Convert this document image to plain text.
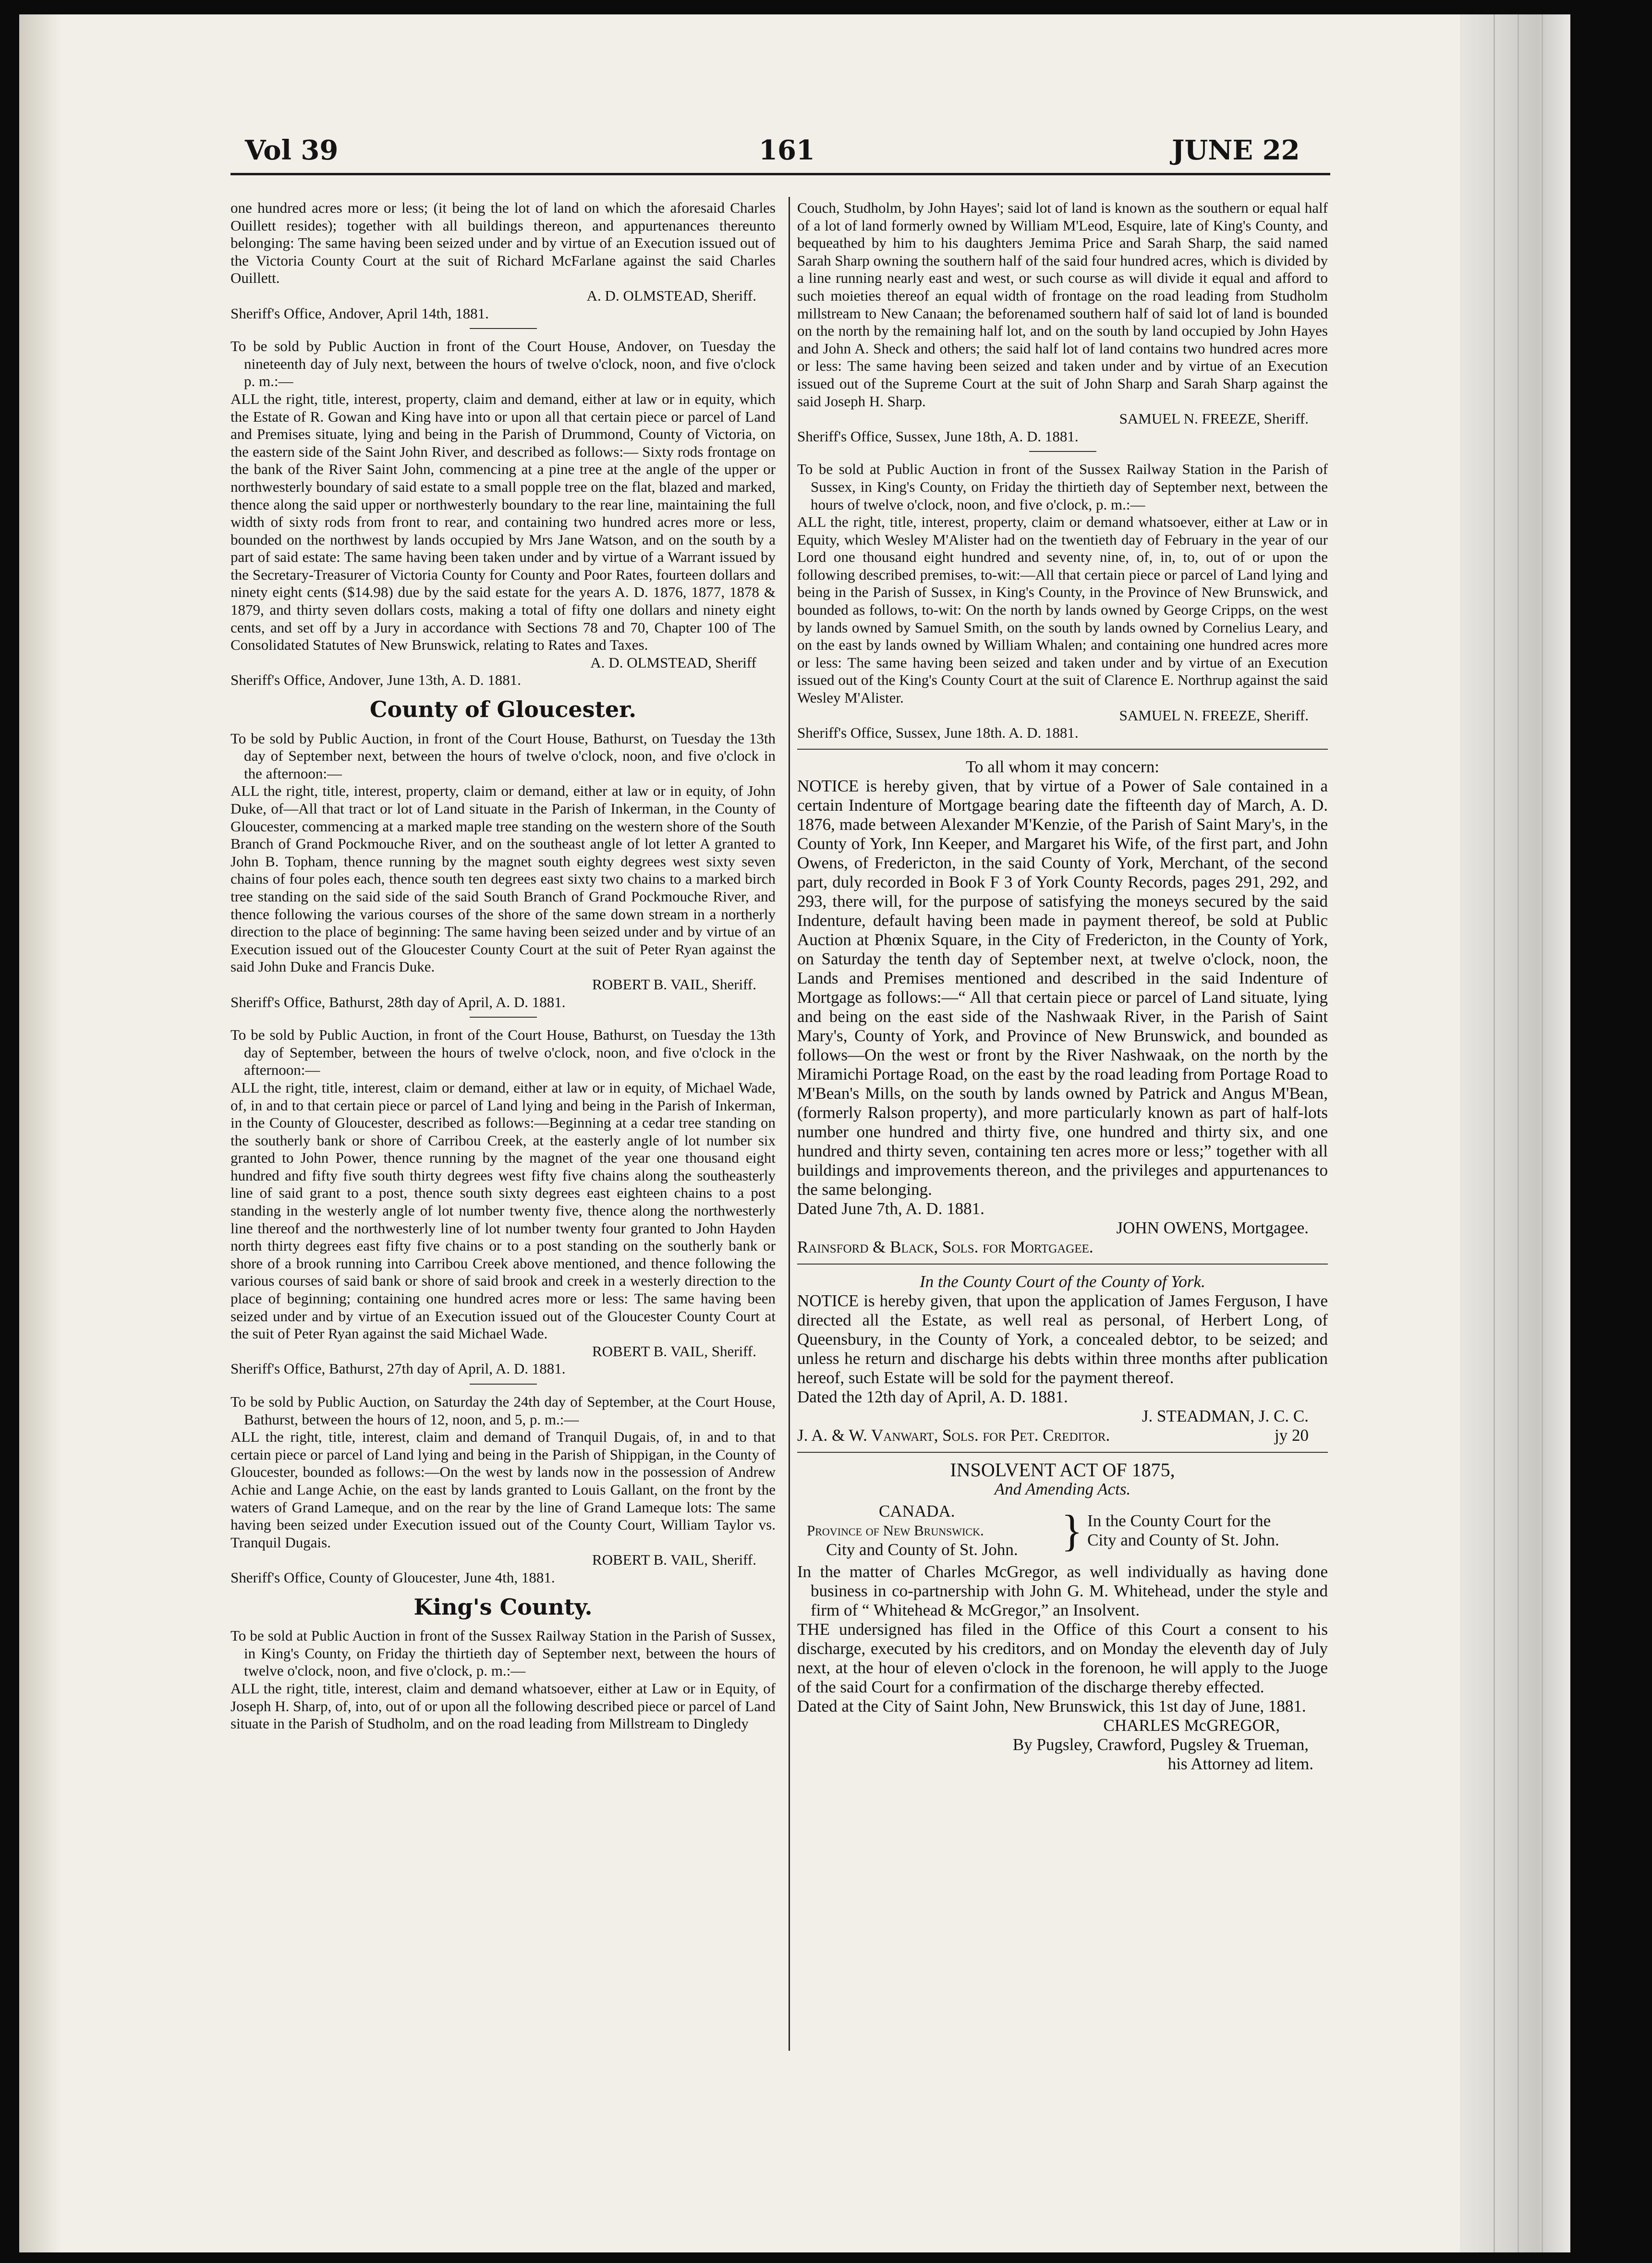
Vol 39	161	JUNE 22

one hundred acres more or less; (it being the lot of land on which the aforesaid Charles Ouillett resides); together with all buildings thereon, and appurtenances thereunto belonging: The same having been seized under and by virtue of an Execution issued out of the Victoria County Court at the suit of Richard McFarlane against the said Charles Ouillett.

A. D. OLMSTEAD, Sheriff.

Sheriff's Office, Andover, April 14th, 1881.

To be sold by Public Auction in front of the Court House, Andover, on Tuesday the nineteenth day of July next, between the hours of twelve o'clock, noon, and five o'clock p. m.:—

ALL the right, title, interest, property, claim and demand, either at law or in equity, which the Estate of R. Gowan and King have into or upon all that certain piece or parcel of Land and Premises situate, lying and being in the Parish of Drummond, County of Victoria, on the eastern side of the Saint John River, and described as follows:— Sixty rods frontage on the bank of the River Saint John, commencing at a pine tree at the angle of the upper or northwesterly boundary of said estate to a small popple tree on the flat, blazed and marked, thence along the said upper or northwesterly boundary to the rear line, maintaining the full width of sixty rods from front to rear, and containing two hundred acres more or less, bounded on the northwest by lands occupied by Mrs Jane Watson, and on the south by a part of said estate: The same having been taken under and by virtue of a Warrant issued by the Secretary-Treasurer of Victoria County for County and Poor Rates, fourteen dollars and ninety eight cents ($14.98) due by the said estate for the years A. D. 1876, 1877, 1878 & 1879, and thirty seven dollars costs, making a total of fifty one dollars and ninety eight cents, and set off by a Jury in accordance with Sections 78 and 70, Chapter 100 of The Consolidated Statutes of New Brunswick, relating to Rates and Taxes.

A. D. OLMSTEAD, Sheriff

Sheriff's Office, Andover, June 13th, A. D. 1881.

County of Gloucester.

To be sold by Public Auction, in front of the Court House, Bathurst, on Tuesday the 13th day of September next, between the hours of twelve o'clock, noon, and five o'clock in the afternoon:—

ALL the right, title, interest, property, claim or demand, either at law or in equity, of John Duke, of—All that tract or lot of Land situate in the Parish of Inkerman, in the County of Gloucester, commencing at a marked maple tree standing on the western shore of the South Branch of Grand Pockmouche River, and on the southeast angle of lot letter A granted to John B. Topham, thence running by the magnet south eighty degrees west sixty seven chains of four poles each, thence south ten degrees east sixty two chains to a marked birch tree standing on the said side of the said South Branch of Grand Pockmouche River, and thence following the various courses of the shore of the same down stream in a northerly direction to the place of beginning: The same having been seized under and by virtue of an Execution issued out of the Gloucester County Court at the suit of Peter Ryan against the said John Duke and Francis Duke.

ROBERT B. VAIL, Sheriff.

Sheriff's Office, Bathurst, 28th day of April, A. D. 1881.

To be sold by Public Auction, in front of the Court House, Bathurst, on Tuesday the 13th day of September, between the hours of twelve o'clock, noon, and five o'clock in the afternoon:—

ALL the right, title, interest, claim or demand, either at law or in equity, of Michael Wade, of, in and to that certain piece or parcel of Land lying and being in the Parish of Inkerman, in the County of Gloucester, described as follows:—Beginning at a cedar tree standing on the southerly bank or shore of Carribou Creek, at the easterly angle of lot number six granted to John Power, thence running by the magnet of the year one thousand eight hundred and fifty five south thirty degrees west fifty five chains along the southeasterly line of said grant to a post, thence south sixty degrees east eighteen chains to a post standing in the westerly angle of lot number twenty five, thence along the northwesterly line thereof and the northwesterly line of lot number twenty four granted to John Hayden north thirty degrees east fifty five chains or to a post standing on the southerly bank or shore of a brook running into Carribou Creek above mentioned, and thence following the various courses of said bank or shore of said brook and creek in a westerly direction to the place of beginning; containing one hundred acres more or less: The same having been seized under and by virtue of an Execution issued out of the Gloucester County Court at the suit of Peter Ryan against the said Michael Wade.

ROBERT B. VAIL, Sheriff.

Sheriff's Office, Bathurst, 27th day of April, A. D. 1881.

To be sold by Public Auction, on Saturday the 24th day of September, at the Court House, Bathurst, between the hours of 12, noon, and 5, p. m.:—

ALL the right, title, interest, claim and demand of Tranquil Dugais, of, in and to that certain piece or parcel of Land lying and being in the Parish of Shippigan, in the County of Gloucester, bounded as follows:—On the west by lands now in the possession of Andrew Achie and Lange Achie, on the east by lands granted to Louis Gallant, on the front by the waters of Grand Lameque, and on the rear by the line of Grand Lameque lots: The same having been seized under Execution issued out of the County Court, William Taylor vs. Tranquil Dugais.

ROBERT B. VAIL, Sheriff.

Sheriff's Office, County of Gloucester, June 4th, 1881.

King's County.

To be sold at Public Auction in front of the Sussex Railway Station in the Parish of Sussex, in King's County, on Friday the thirtieth day of September next, between the hours of twelve o'clock, noon, and five o'clock, p. m.:—

ALL the right, title, interest, claim and demand whatsoever, either at Law or in Equity, of Joseph H. Sharp, of, into, out of or upon all the following described piece or parcel of Land situate in the Parish of Studholm, and on the road leading from Millstream to Dingledy

Couch, Studholm, by John Hayes'; said lot of land is known as the southern or equal half of a lot of land formerly owned by William M'Leod, Esquire, late of King's County, and bequeathed by him to his daughters Jemima Price and Sarah Sharp, the said named Sarah Sharp owning the southern half of the said four hundred acres, which is divided by a line running nearly east and west, or such course as will divide it equal and afford to such moieties thereof an equal width of frontage on the road leading from Studholm millstream to New Canaan; the beforenamed southern half of said lot of land is bounded on the north by the remaining half lot, and on the south by land occupied by John Hayes and John A. Sheck and others; the said half lot of land contains two hundred acres more or less: The same having been seized and taken under and by virtue of an Execution issued out of the Supreme Court at the suit of John Sharp and Sarah Sharp against the said Joseph H. Sharp.

SAMUEL N. FREEZE, Sheriff.

Sheriff's Office, Sussex, June 18th, A. D. 1881.

To be sold at Public Auction in front of the Sussex Railway Station in the Parish of Sussex, in King's County, on Friday the thirtieth day of September next, between the hours of twelve o'clock, noon, and five o'clock, p. m.:—

ALL the right, title, interest, property, claim or demand whatsoever, either at Law or in Equity, which Wesley M'Alister had on the twentieth day of February in the year of our Lord one thousand eight hundred and seventy nine, of, in, to, out of or upon the following described premises, to-wit:—All that certain piece or parcel of Land lying and being in the Parish of Sussex, in King's County, in the Province of New Brunswick, and bounded as follows, to-wit: On the north by lands owned by George Cripps, on the west by lands owned by Samuel Smith, on the south by lands owned by Cornelius Leary, and on the east by lands owned by William Whalen; and containing one hundred acres more or less: The same having been seized and taken under and by virtue of an Execution issued out of the King's County Court at the suit of Clarence E. Northrup against the said Wesley M'Alister.

SAMUEL N. FREEZE, Sheriff.

Sheriff's Office, Sussex, June 18th. A. D. 1881.

To all whom it may concern:

NOTICE is hereby given, that by virtue of a Power of Sale contained in a certain Indenture of Mortgage bearing date the fifteenth day of March, A. D. 1876, made between Alexander M'Kenzie, of the Parish of Saint Mary's, in the County of York, Inn Keeper, and Margaret his Wife, of the first part, and John Owens, of Fredericton, in the said County of York, Merchant, of the second part, duly recorded in Book F 3 of York County Records, pages 291, 292, and 293, there will, for the purpose of satisfying the moneys secured by the said Indenture, default having been made in payment thereof, be sold at Public Auction at Phœnix Square, in the City of Fredericton, in the County of York, on Saturday the tenth day of September next, at twelve o'clock, noon, the Lands and Premises mentioned and described in the said Indenture of Mortgage as follows:—“ All that certain piece or parcel of Land situate, lying and being on the east side of the Nashwaak River, in the Parish of Saint Mary's, County of York, and Province of New Brunswick, and bounded as follows—On the west or front by the River Nashwaak, on the north by the Miramichi Portage Road, on the east by the road leading from Portage Road to M'Bean's Mills, on the south by lands owned by Patrick and Angus M'Bean, (formerly Ralson property), and more particularly known as part of half-lots number one hundred and thirty five, one hundred and thirty six, and one hundred and thirty seven, containing ten acres more or less;” together with all buildings and improvements thereon, and the privileges and appurtenances to the same belonging.

Dated June 7th, A. D. 1881.

JOHN OWENS, Mortgagee.

Rainsford & Black, Sols. for Mortgagee.

In the County Court of the County of York.

NOTICE is hereby given, that upon the application of James Ferguson, I have directed all the Estate, as well real as personal, of Herbert Long, of Queensbury, in the County of York, a concealed debtor, to be seized; and unless he return and discharge his debts within three months after publication hereof, such Estate will be sold for the payment thereof.

Dated the 12th day of April, A. D. 1881.

J. STEADMAN, J. C. C.

J. A. & W. Vanwart, Sols. for Pet. Creditor.	jy 20

INSOLVENT ACT OF 1875,

And Amending Acts.

CANADA.
Province of New Brunswick.
City and County of St. John. } In the County Court for the
City and County of St. John.

In the matter of Charles McGregor, as well individually as having done business in co-partnership with John G. M. Whitehead, under the style and firm of “ Whitehead & McGregor,” an Insolvent.

THE undersigned has filed in the Office of this Court a consent to his discharge, executed by his creditors, and on Monday the eleventh day of July next, at the hour of eleven o'clock in the forenoon, he will apply to the Juoge of the said Court for a confirmation of the discharge thereby effected.

Dated at the City of Saint John, New Brunswick, this 1st day of June, 1881.

CHARLES McGREGOR,

By Pugsley, Crawford, Pugsley & Trueman,

his Attorney ad litem.
